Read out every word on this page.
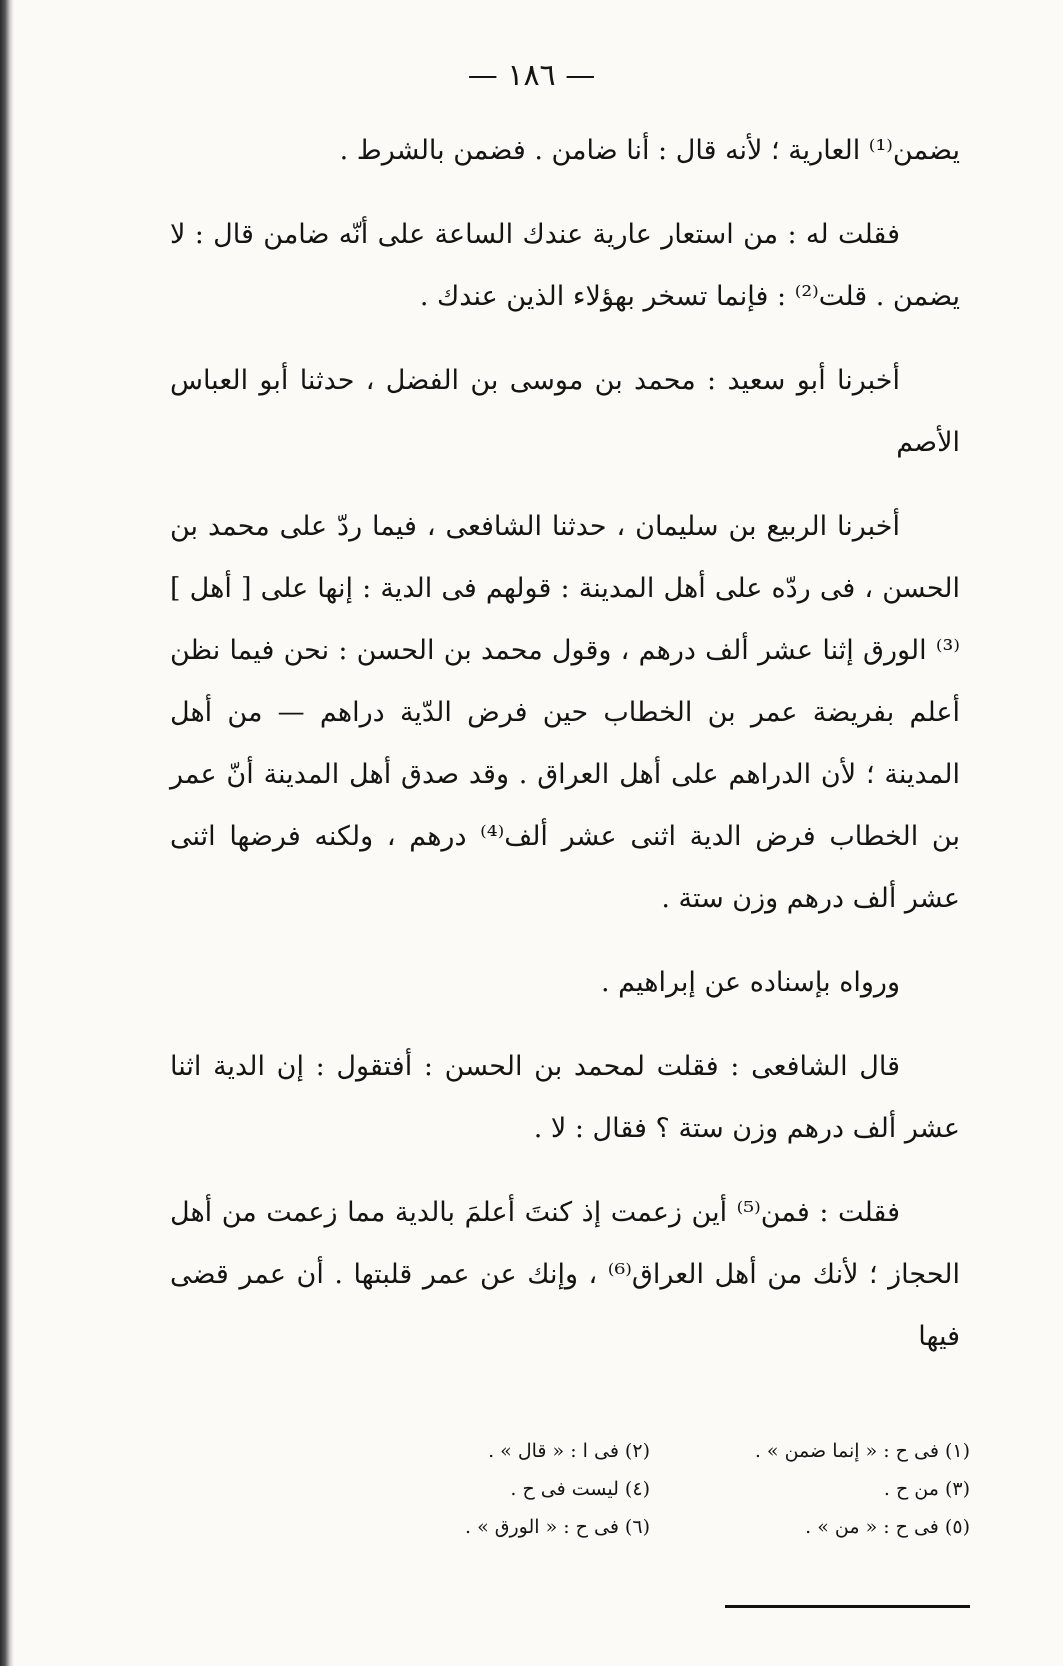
— ١٨٦ —

يضمن⁽¹⁾ العارية ؛ لأنه قال : أنا ضامن . فضمن بالشرط .

فقلت له : من استعار عارية عندك الساعة على أنّه ضامن قال : لا يضمن . قلت⁽²⁾ : فإنما تسخر بهؤلاء الذين عندك .

أخبرنا أبو سعيد : محمد بن موسى بن الفضل ، حدثنا أبو العباس الأصم

أخبرنا الربيع بن سليمان ، حدثنا الشافعى ، فيما ردّ على محمد بن الحسن ، فى ردّه على أهل المدينة : قولهم فى الدية : إنها على [ أهل ]⁽³⁾ الورق إثنا عشر ألف درهم ، وقول محمد بن الحسن : نحن فيما نظن أعلم بفريضة عمر بن الخطاب حين فرض الدّية دراهم — من أهل المدينة ؛ لأن الدراهم على أهل العراق . وقد صدق أهل المدينة أنّ عمر بن الخطاب فرض الدية اثنى عشر ألف⁽⁴⁾ درهم ، ولكنه فرضها اثنى عشر ألف درهم وزن ستة .

ورواه بإسناده عن إبراهيم .

قال الشافعى : فقلت لمحمد بن الحسن : أفتقول : إن الدية اثنا عشر ألف درهم وزن ستة ؟ فقال : لا .

فقلت : فمن⁽⁵⁾ أين زعمت إذ كنتَ أعلمَ بالدية مما زعمت من أهل الحجاز ؛ لأنك من أهل العراق⁽⁶⁾ ، وإنك عن عمر قلبتها . أن عمر قضى فيها

(١) فى ح : « إنما ضمن » .
(٢) فى ا : « قال » .
(٣) من ح .
(٤) ليست فى ح .
(٥) فى ح : « من » .
(٦) فى ح : « الورق » .
